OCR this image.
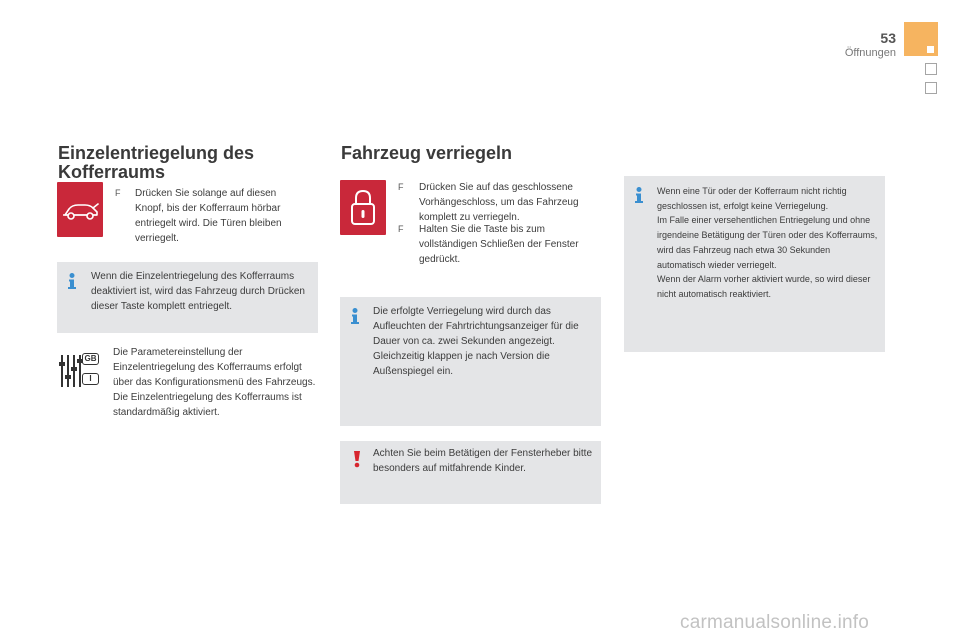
53
Öffnungen
Einzelentriegelung des Kofferraums
F Drücken Sie solange auf diesen Knopf, bis der Kofferraum hörbar entriegelt wird. Die Türen bleiben verriegelt.
Wenn die Einzelentriegelung des Kofferraums deaktiviert ist, wird das Fahrzeug durch Drücken dieser Taste komplett entriegelt.
GB
I
Die Parametereinstellung der Einzelentriegelung des Kofferraums erfolgt über das Konfigurationsmenü des Fahrzeugs.
Die Einzelentriegelung des Kofferraums ist standardmäßig aktiviert.
Fahrzeug verriegeln
F Drücken Sie auf das geschlossene Vorhängeschloss, um das Fahrzeug komplett zu verriegeln.
F Halten Sie die Taste bis zum vollständigen Schließen der Fenster gedrückt.
Die erfolgte Verriegelung wird durch das Aufleuchten der Fahrtrichtungsanzeiger für die Dauer von ca. zwei Sekunden angezeigt. Gleichzeitig klappen je nach Version die Außenspiegel ein.
Achten Sie beim Betätigen der Fensterheber bitte besonders auf mitfahrende Kinder.
Wenn eine Tür oder der Kofferraum nicht richtig geschlossen ist, erfolgt keine Verriegelung.
Im Falle einer versehentlichen Entriegelung und ohne irgendeine Betätigung der Türen oder des Kofferraums, wird das Fahrzeug nach etwa 30 Sekunden automatisch wieder verriegelt.
Wenn der Alarm vorher aktiviert wurde, so wird dieser nicht automatisch reaktiviert.
carmanualsonline.info
